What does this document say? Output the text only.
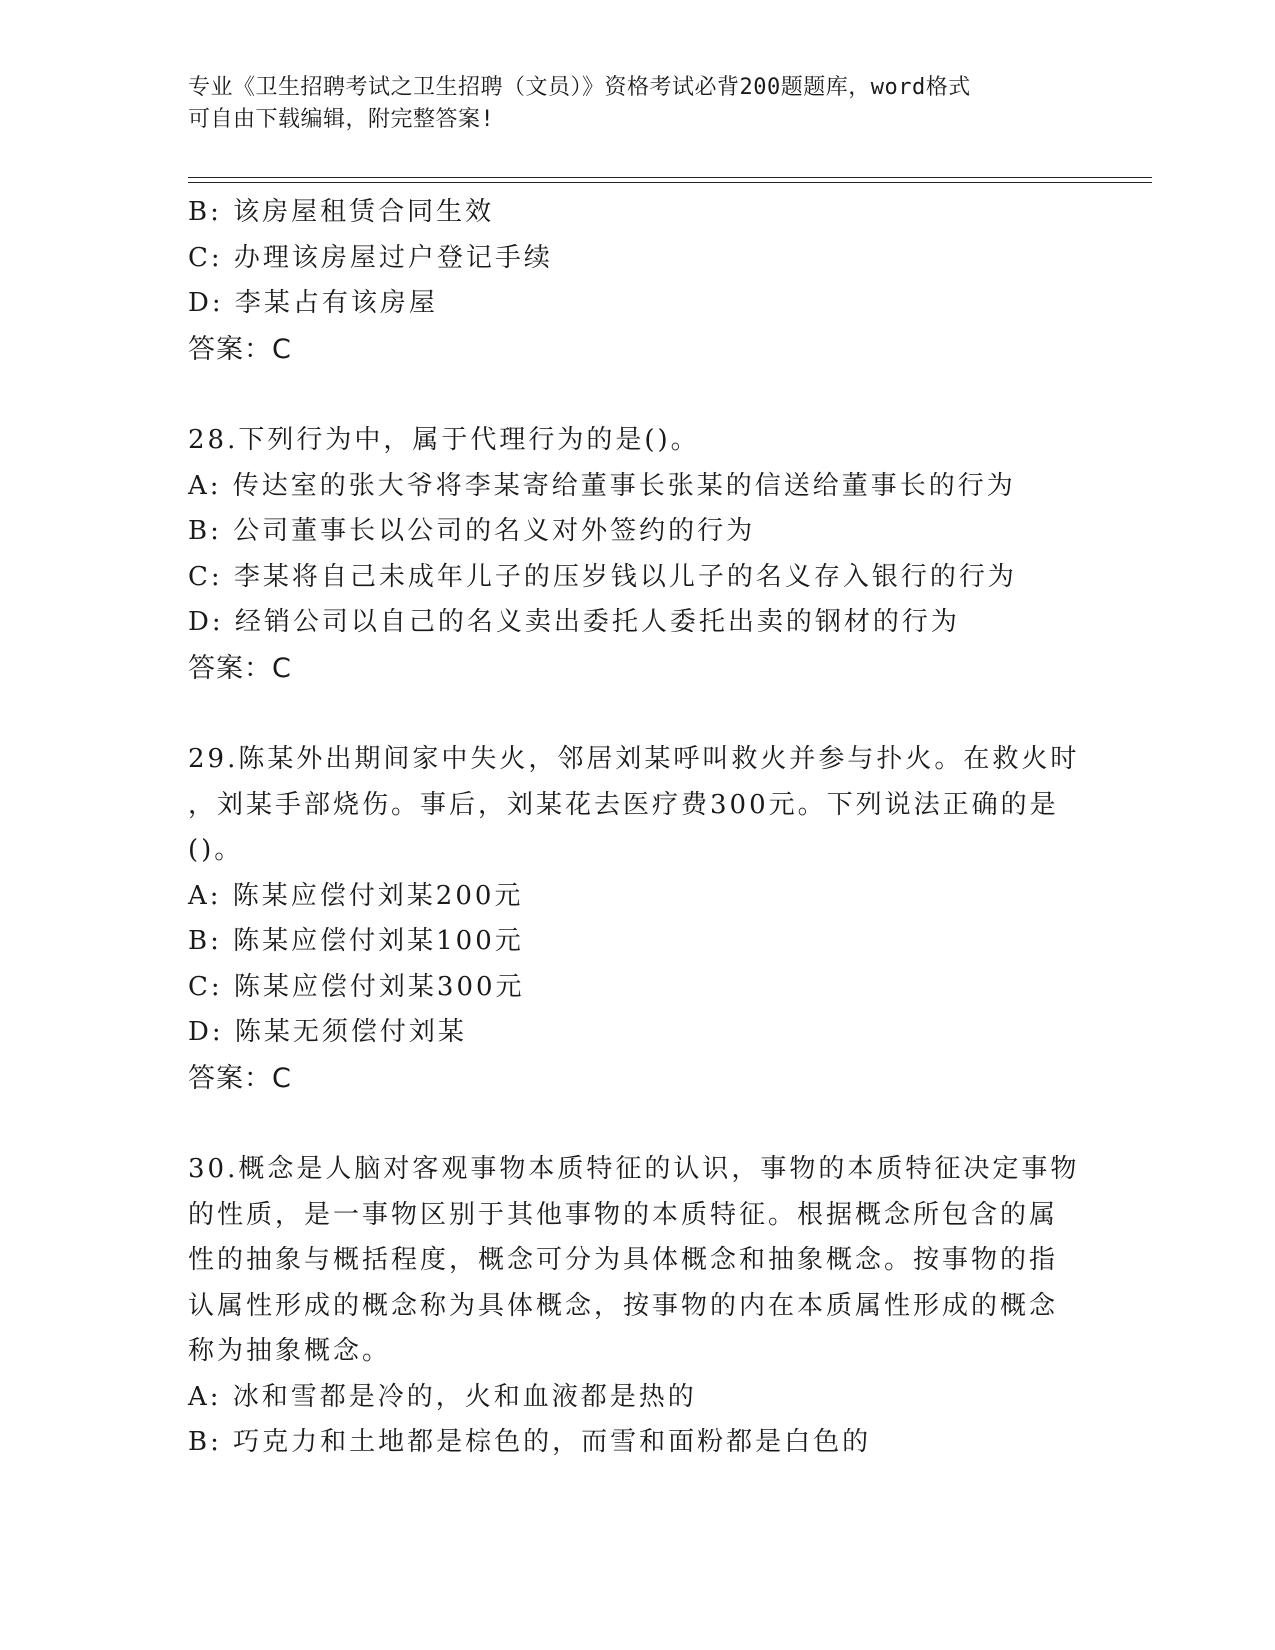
专业《卫生招聘考试之卫生招聘（文员）》资格考试必背200题题库，word格式
可自由下载编辑，附完整答案!
B: 该房屋租赁合同生效
C: 办理该房屋过户登记手续
D: 李某占有该房屋
答案：C
28.下列行为中，属于代理行为的是()。
A: 传达室的张大爷将李某寄给董事长张某的信送给董事长的行为
B: 公司董事长以公司的名义对外签约的行为
C: 李某将自己未成年儿子的压岁钱以儿子的名义存入银行的行为
D: 经销公司以自己的名义卖出委托人委托出卖的钢材的行为
答案：C
29.陈某外出期间家中失火，邻居刘某呼叫救火并参与扑火。在救火时
，刘某手部烧伤。事后，刘某花去医疗费300元。下列说法正确的是
()。
A: 陈某应偿付刘某200元
B: 陈某应偿付刘某100元
C: 陈某应偿付刘某300元
D: 陈某无须偿付刘某
答案：C
30.概念是人脑对客观事物本质特征的认识，事物的本质特征决定事物
的性质，是一事物区别于其他事物的本质特征。根据概念所包含的属
性的抽象与概括程度，概念可分为具体概念和抽象概念。按事物的指
认属性形成的概念称为具体概念，按事物的内在本质属性形成的概念
称为抽象概念。
A: 冰和雪都是冷的，火和血液都是热的
B: 巧克力和土地都是棕色的，而雪和面粉都是白色的
